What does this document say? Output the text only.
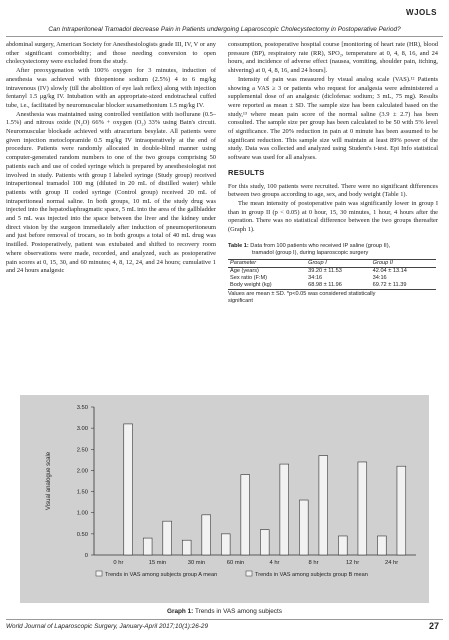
WJOLS
Can Intraperitoneal Tramadol decrease Pain in Patients undergoing Laparoscopic Cholecystectomy in Postoperative Period?

abdominal surgery, American Society for Anesthesiologists grade III, IV, V or any other significant comorbidity; and those needing conversion to open cholecystectomy were excluded from the study.

After preoxygenation with 100% oxygen for 3 minutes, induction of anesthesia was achieved with thiopentone sodium (2.5%) 4 to 6 mg/kg intravenous (IV) slowly (till the abolition of eye lash reflex) along with injection fentanyl 1.5 μg/kg IV. Intubation with an appropriate-sized endotracheal cuffed tube, i.e., facilitated by neuromuscular blocker suxamethonium 1.5 mg/kg IV.

Anesthesia was maintained using controlled ventilation with isoflurane (0.5–1.5%) and nitrous oxide (N₂O) 66% + oxygen (O₂) 33% using Bain's circuit. Neuromuscular blockade achieved with atracurium besylate. All patients were given injection metoclopramide 0.5 mg/kg IV intraoperatively at the end of procedure. Patients were randomly allocated in double-blind manner using computer-generated random numbers to one of the two groups comprising 50 patients each and use of coded syringe which is prepared by anesthesiologist not involved in study. Patients with group I labeled syringe (Study group) received intraperitoneal tramadol 100 mg (diluted in 20 mL of distilled water) while patients with group II coded syringe (Control group) received 20 mL of intraperitoneal normal saline. In both groups, 10 mL of the study drug was injected into the hepatodiaphragmatic space, 5 mL into the area of the gallbladder and 5 mL was injected into the space between the liver and the kidney under direct vision by the surgeon immediately after induction of pneumoperitoneum and just before removal of trocars, so in both groups a total of 40 mL drug was instilled. Postoperatively, patient was extubated and shifted to recovery room where observations were made, recorded, and analyzed, such as postoperative pain scores at 0, 15, 30, and 60 minutes; 4, 8, 12, 24, and 24 hours; cumulative 1 and 24 hours analgesic

consumption, postoperative hospital course [monitoring of heart rate (HR), blood pressure (BP), respiratory rate (RR), SPO₂, temperature at 0, 4, 8, 16, and 24 hours, and incidence of adverse effect (nausea, vomiting, shoulder pain, itching, shivering) at 0, 4, 8, 16, and 24 hours].

Intensity of pain was measured by visual analog scale (VAS).¹² Patients showing a VAS ≥ 3 or patients who request for analgesia were administered a supplemental dose of an analgesic (diclofenac sodium; 3 mL, 75 mg). Results were reported as mean ± SD. The sample size has been calculated based on the study,¹³ where mean pain score of the normal saline (3.9 ± 2.7) has been consulted. The sample size per group has been calculated to be 50 with 5% level of significance. The 20% reduction in pain at 0 minute has been assumed to be significant reduction. This sample size will maintain at least 89% power of the study. Data was collected and analyzed using Student's t-test. Epi Info statistical software was used for all analyses.

RESULTS

For this study, 100 patients were recruited. There were no significant differences between two groups according to age, sex, and body weight (Table 1).

The mean intensity of postoperative pain was significantly lower in group I than in group II (p < 0.05) at 0 hour, 15, 30 minutes, 1 hour, 4 hours after the operation. There was no statistical difference between the two groups thereafter (Graph 1).

Table 1: Data from 100 patients who received IP saline (group II),
tramadol (group I), during laparoscopic surgery
Parameter	Group I	Group II
Age (years)	39.20 ± 11.53	42.04 ± 13.14
Sex ratio (F:M)	34:16	34:16
Body weight (kg)	68.98 ± 11.96	69.72 ± 11.39
Values are mean ± SD. *p<0.05 was considered statistically
significant
0
0.50
1.00
1.50
2.00
2.50
3.00
3.50
Visual analogue scale
0 hr	15 min	30 min	60 min	4 hr	8 hr	12 hr	24 hr
Trends in VAS among subjects group A mean	Trends in VAS among subjects group B mean
Graph 1: Trends in VAS among subjects
World Journal of Laparoscopic Surgery, January-April 2017;10(1):26-29	27
